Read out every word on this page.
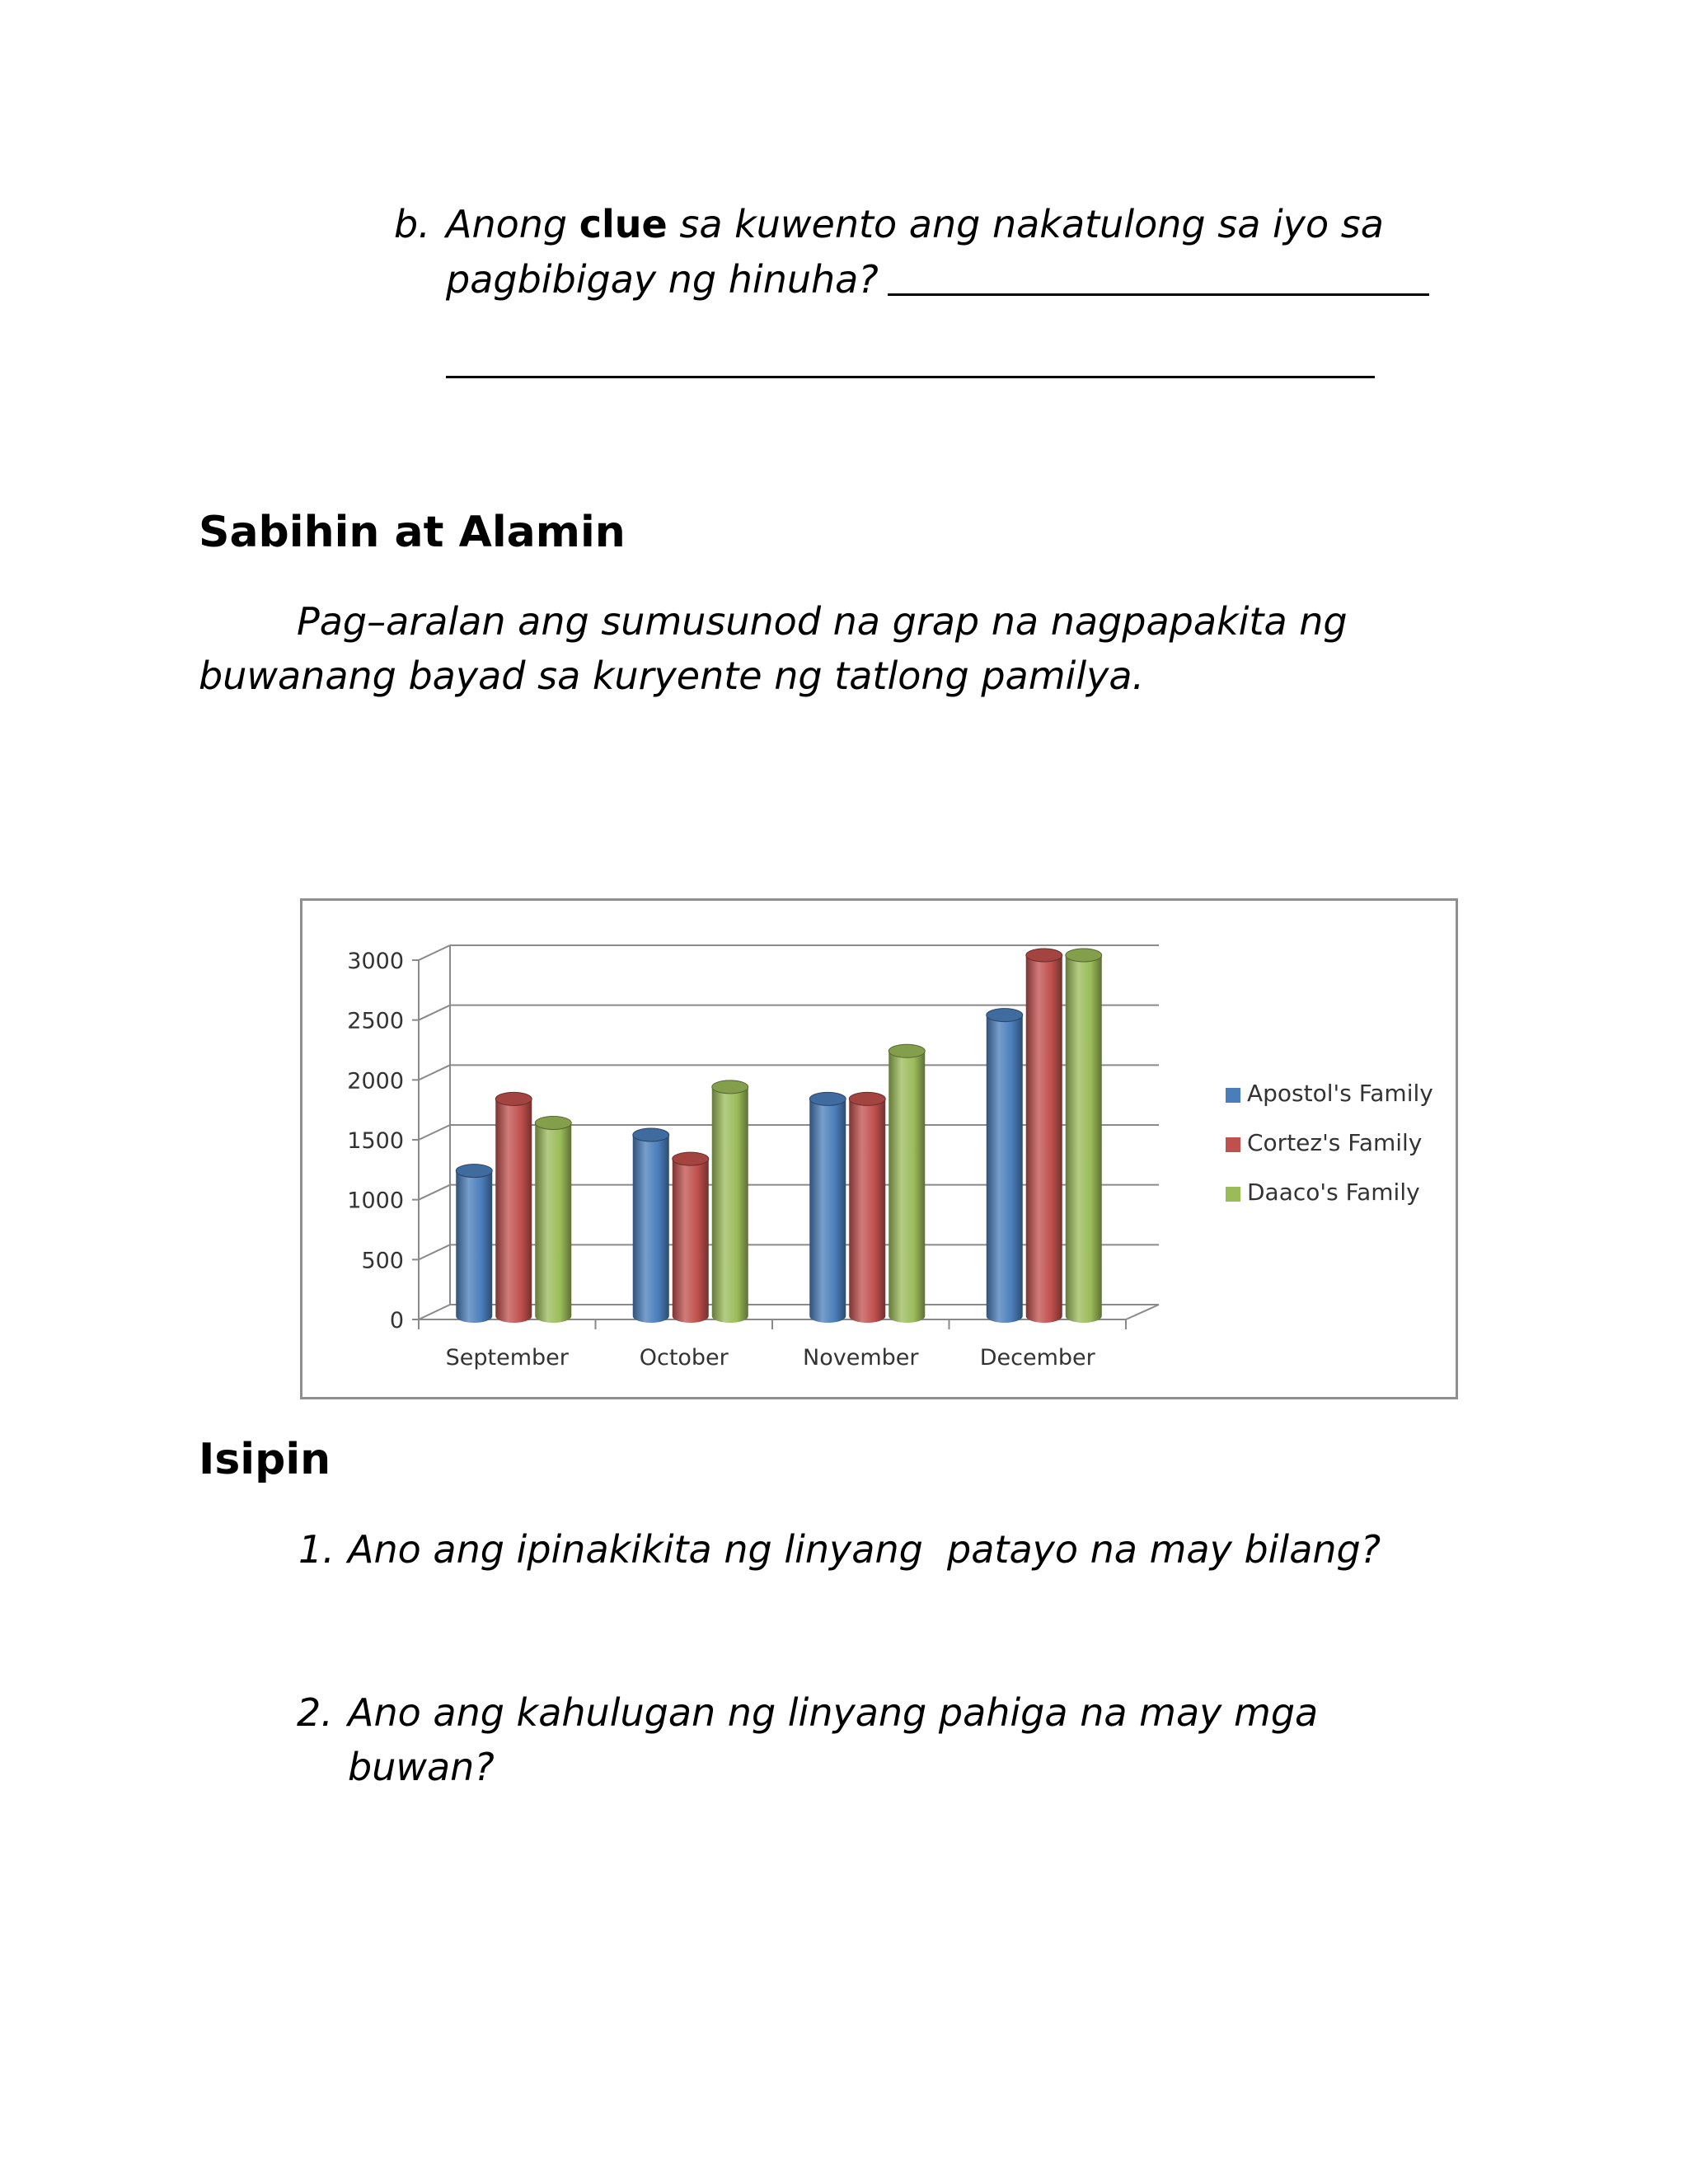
b. Anong clue sa kuwento ang nakatulong sa iyo sa
pagbibigay ng hinuha?
Sabihin at Alamin
Pag–aralan ang sumusunod na grap na nagpapakita ng
buwanang bayad sa kuryente ng tatlong pamilya.
0
500
1000
1500
2000
2500
3000
September	October	November	December
Apostol's Family
Cortez's Family
Daaco's Family
Isipin
1. Ano ang ipinakikita ng linyang  patayo na may bilang?
2. Ano ang kahulugan ng linyang pahiga na may mga
buwan?
